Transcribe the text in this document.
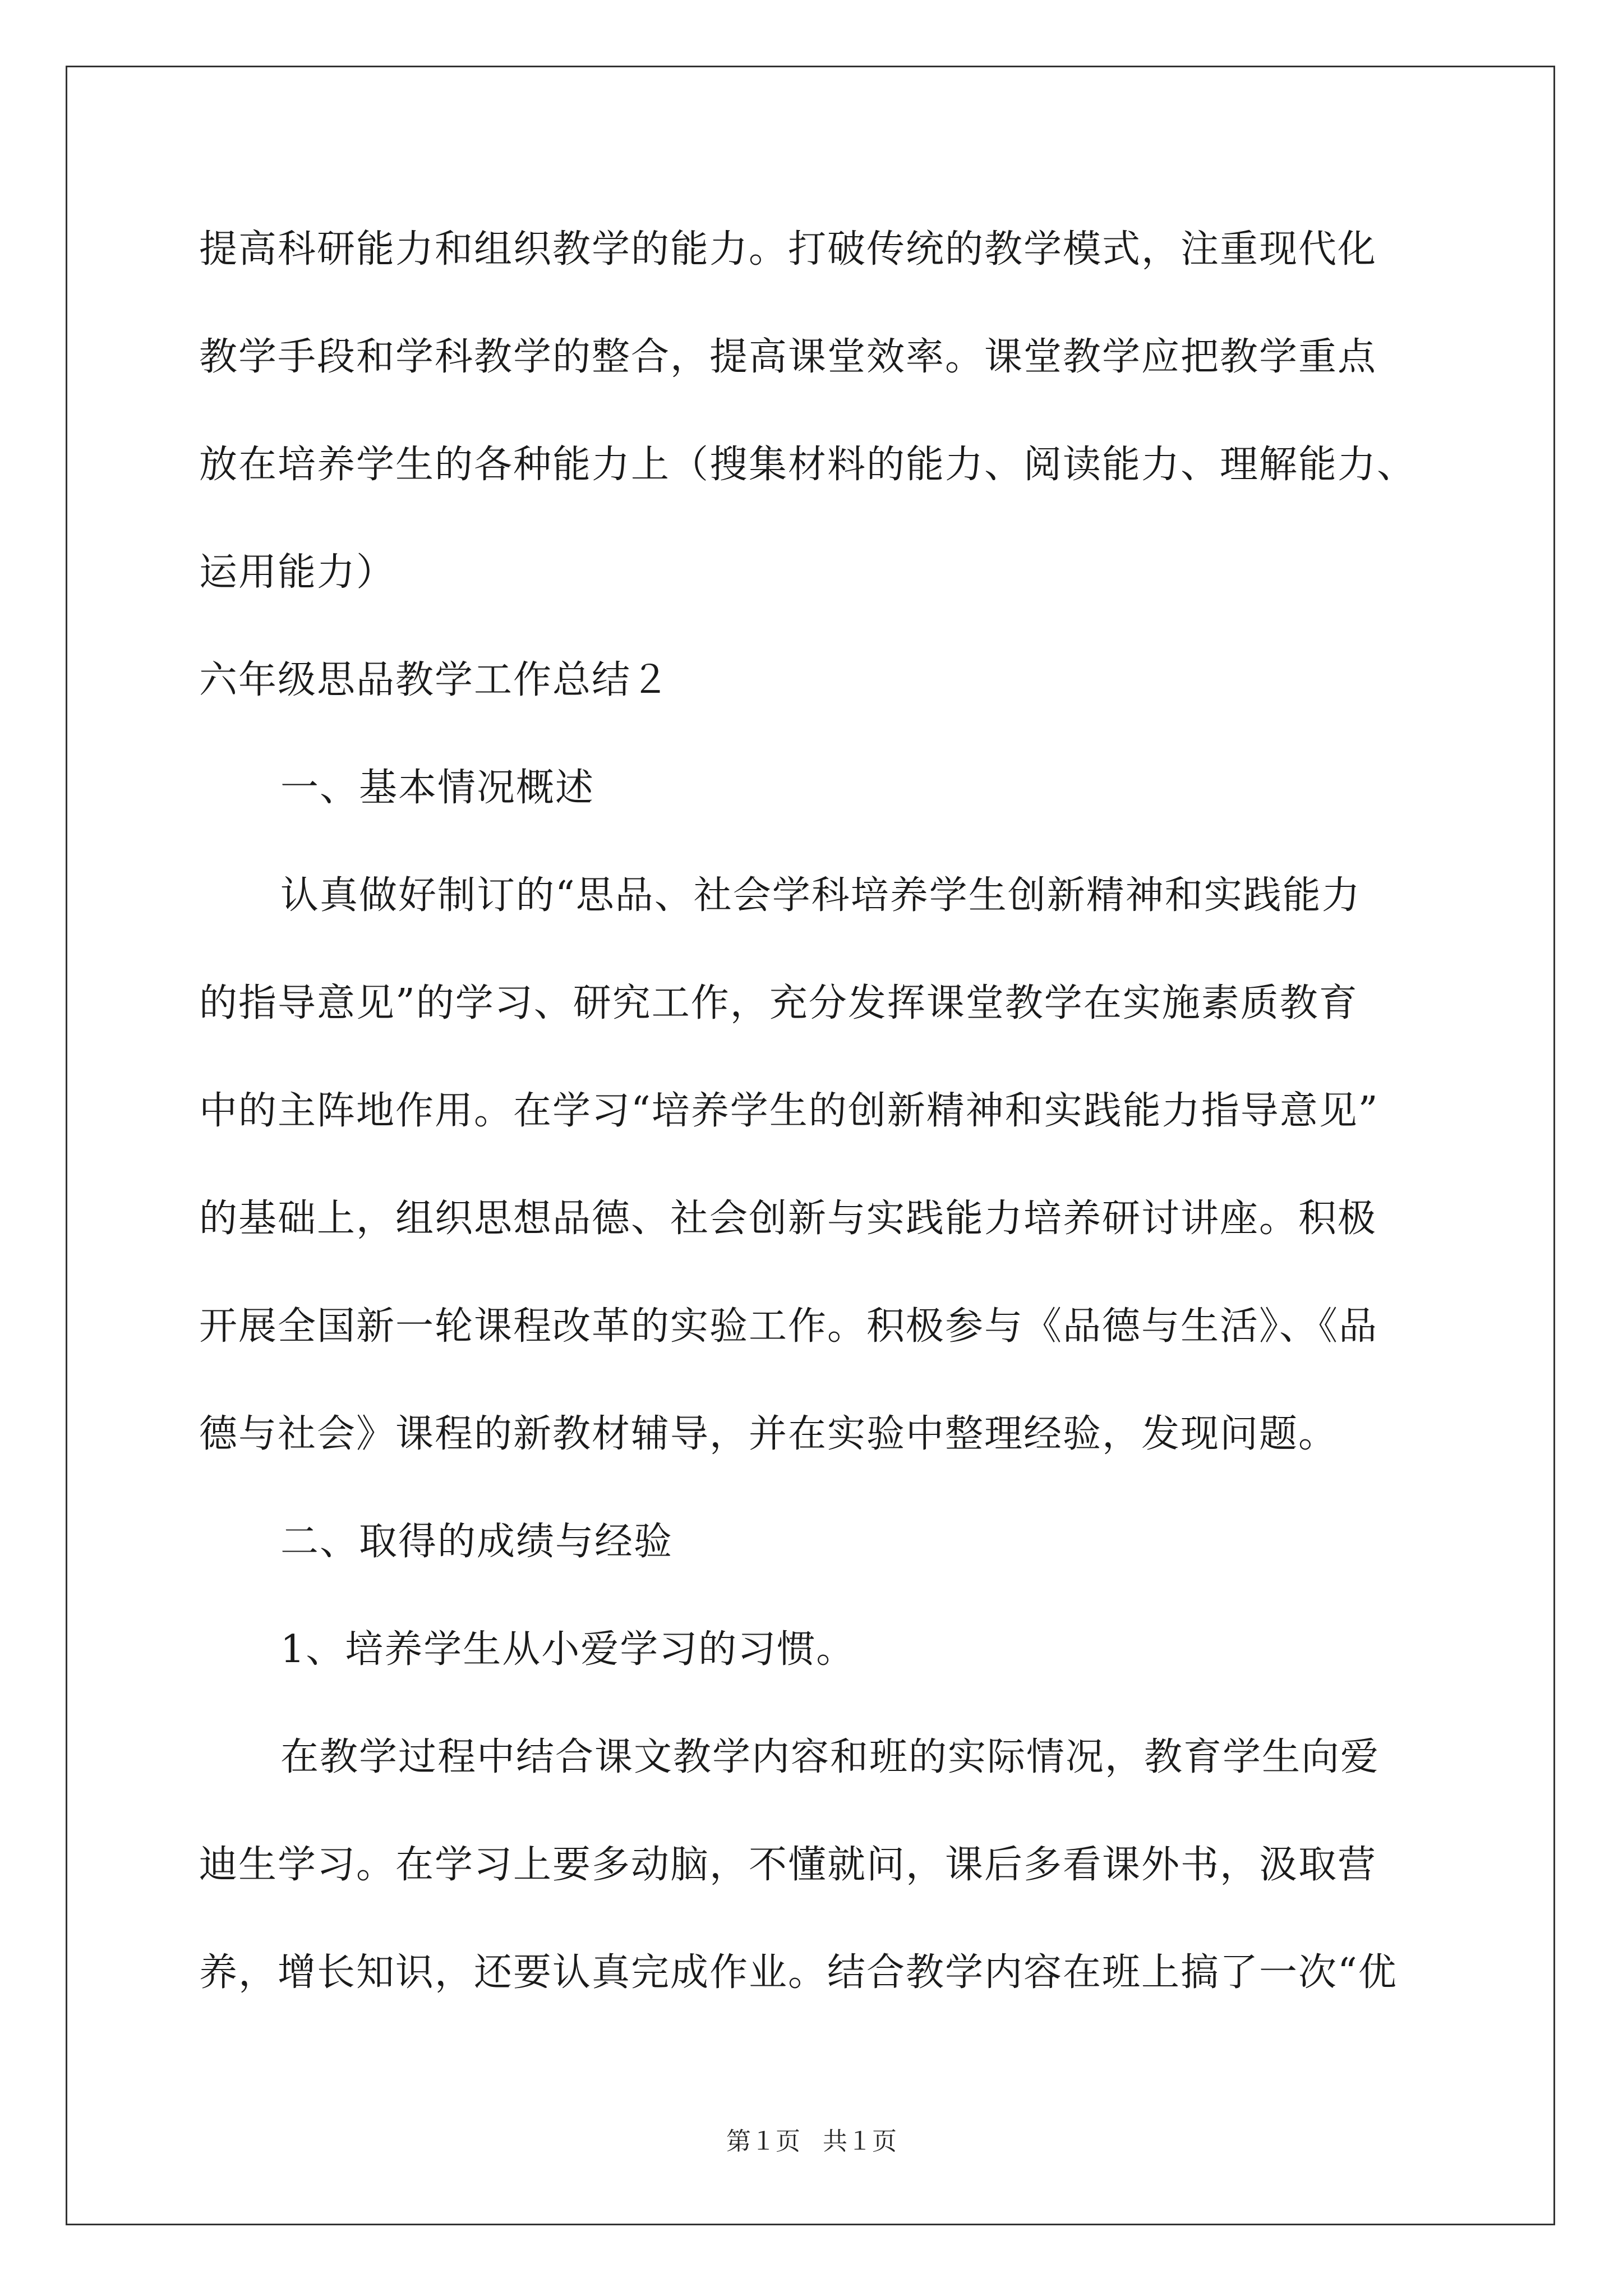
提高科研能力和组织教学的能力。打破传统的教学模式，注重现代化
教学手段和学科教学的整合，提高课堂效率。课堂教学应把教学重点
放在培养学生的各种能力上（搜集材料的能力、阅读能力、理解能力、
运用能力）
六年级思品教学工作总结２
一、基本情况概述
认真做好制订的“思品、社会学科培养学生创新精神和实践能力
的指导意见”的学习、研究工作，充分发挥课堂教学在实施素质教育
中的主阵地作用。在学习“培养学生的创新精神和实践能力指导意见”
的基础上，组织思想品德、社会创新与实践能力培养研讨讲座。积极
开展全国新一轮课程改革的实验工作。积极参与《品德与生活》、《品
德与社会》课程的新教材辅导，并在实验中整理经验，发现问题。
二、取得的成绩与经验
1、培养学生从小爱学习的习惯。
在教学过程中结合课文教学内容和班的实际情况，教育学生向爱
迪生学习。在学习上要多动脑，不懂就问，课后多看课外书，汲取营
养，增长知识，还要认真完成作业。结合教学内容在班上搞了一次“优
第１页 共１页
